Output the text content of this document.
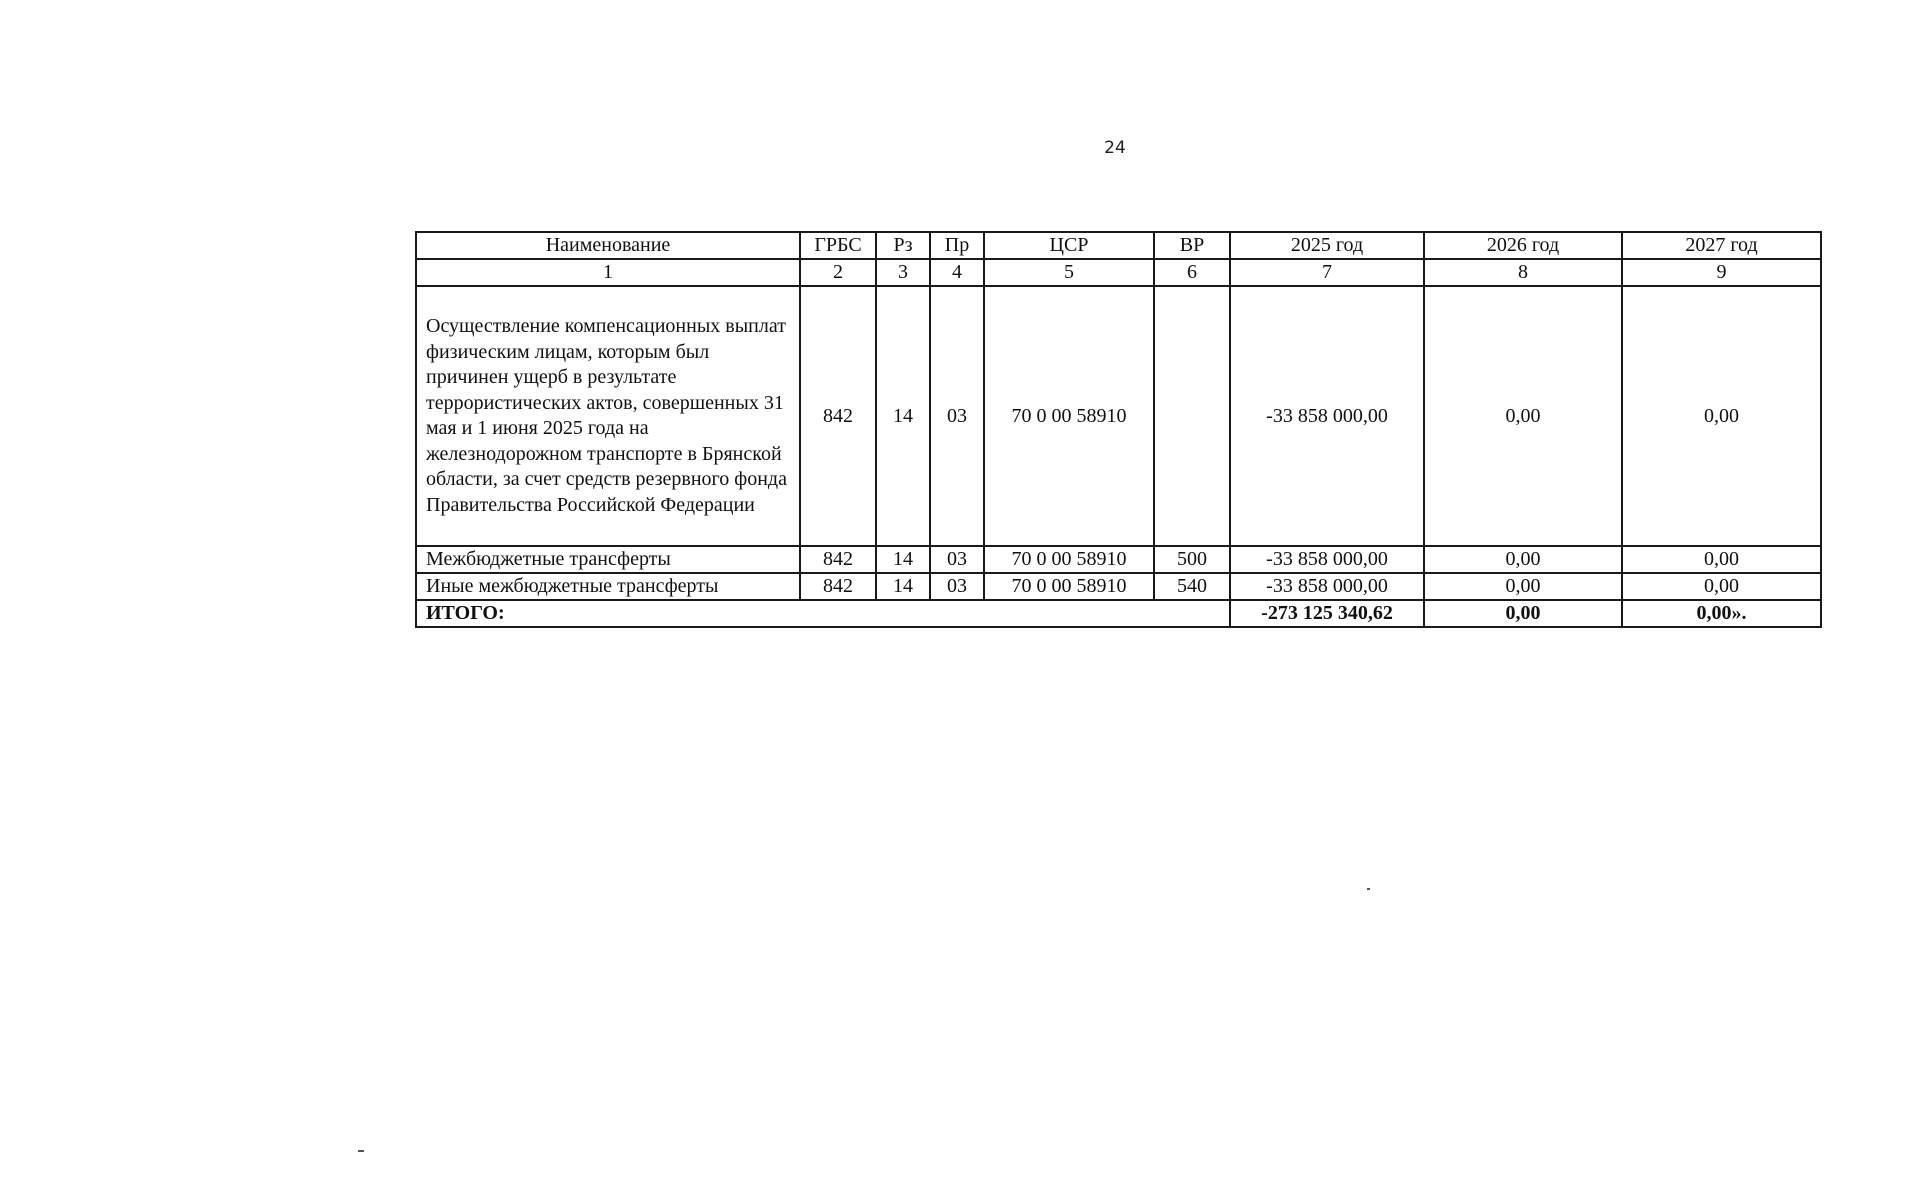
24
Наименование	ГРБС	Рз	Пр	ЦСР	ВР	2025 год	2026 год	2027 год
1	2	3	4	5	6	7	8	9
Осуществление компенсационных выплат физическим лицам, которым был причинен ущерб в результате террористических актов, совершенных 31 мая и 1 июня 2025 года на железнодорожном транспорте в Брянской области, за счет средств резервного фонда Правительства Российской Федерации	842	14	03	70 0 00 58910		-33 858 000,00	0,00	0,00
Межбюджетные трансферты	842	14	03	70 0 00 58910	500	-33 858 000,00	0,00	0,00
Иные межбюджетные трансферты	842	14	03	70 0 00 58910	540	-33 858 000,00	0,00	0,00
ИТОГО:						-273 125 340,62	0,00	0,00».
